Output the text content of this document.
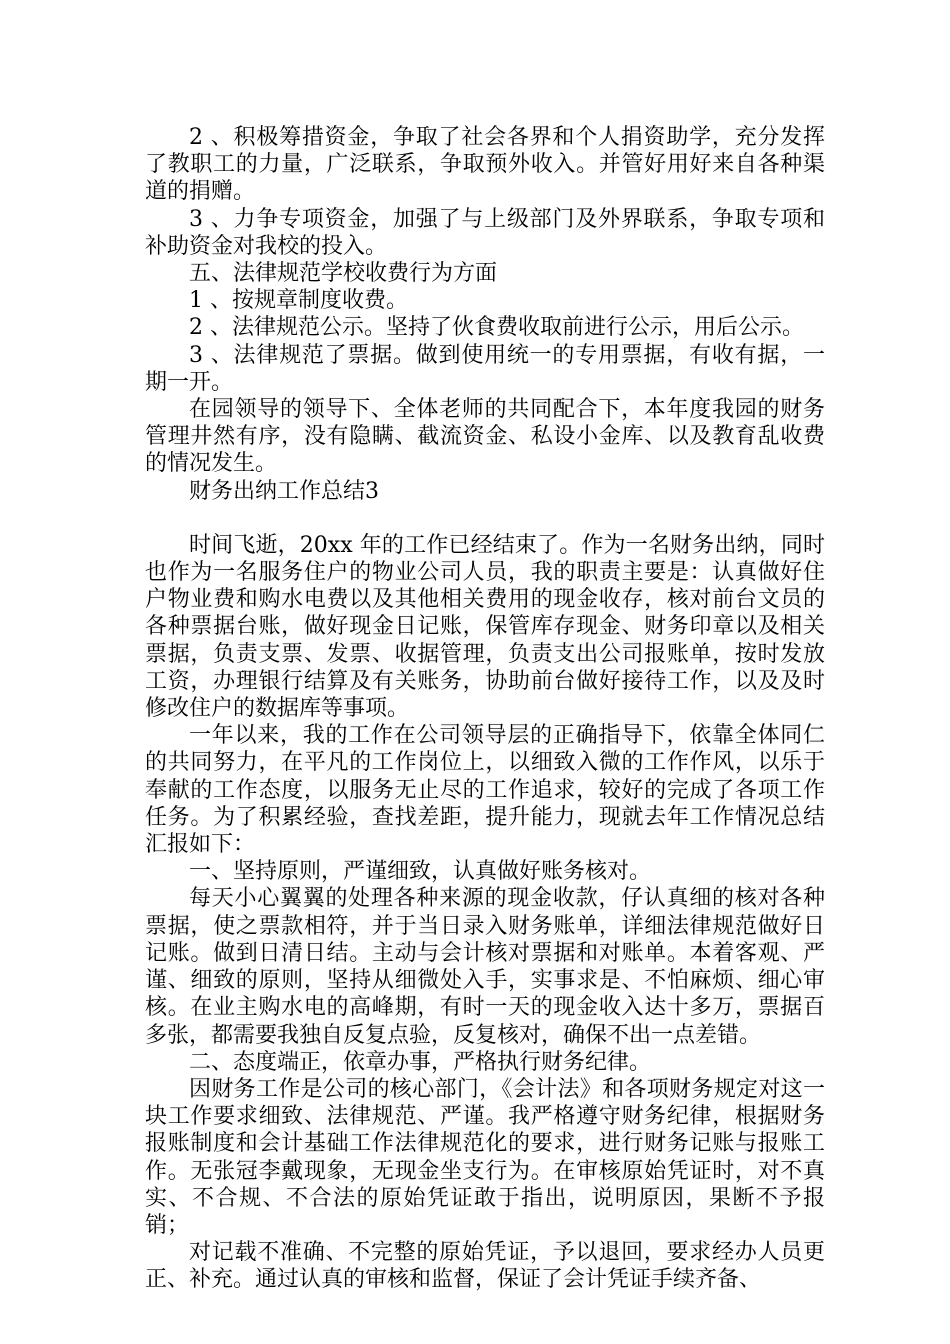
2 、积极筹措资金，争取了社会各界和个人捐资助学，充分发挥了教职工的力量，广泛联系，争取预外收入。并管好用好来自各种渠道的捐赠。

3 、力争专项资金，加强了与上级部门及外界联系，争取专项和补助资金对我校的投入。

五、法律规范学校收费行为方面

1 、按规章制度收费。

2 、法律规范公示。坚持了伙食费收取前进行公示，用后公示。

3 、法律规范了票据。做到使用统一的专用票据，有收有据，一期一开。

在园领导的领导下、全体老师的共同配合下，本年度我园的财务管理井然有序，没有隐瞒、截流资金、私设小金库、以及教育乱收费的情况发生。

财务出纳工作总结3

时间飞逝，20xx 年的工作已经结束了。作为一名财务出纳，同时也作为一名服务住户的物业公司人员，我的职责主要是：认真做好住户物业费和购水电费以及其他相关费用的现金收存，核对前台文员的各种票据台账，做好现金日记账，保管库存现金、财务印章以及相关票据，负责支票、发票、收据管理，负责支出公司报账单，按时发放工资，办理银行结算及有关账务，协助前台做好接待工作，以及及时修改住户的数据库等事项。

一年以来，我的工作在公司领导层的正确指导下，依靠全体同仁的共同努力，在平凡的工作岗位上，以细致入微的工作作风，以乐于奉献的工作态度，以服务无止尽的工作追求，较好的完成了各项工作任务。为了积累经验，查找差距，提升能力，现就去年工作情况总结汇报如下：

一、坚持原则，严谨细致，认真做好账务核对。

每天小心翼翼的处理各种来源的现金收款，仔认真细的核对各种票据，使之票款相符，并于当日录入财务账单，详细法律规范做好日记账。做到日清日结。主动与会计核对票据和对账单。本着客观、严谨、细致的原则，坚持从细微处入手，实事求是、不怕麻烦、细心审核。在业主购水电的高峰期，有时一天的现金收入达十多万，票据百多张，都需要我独自反复点验，反复核对，确保不出一点差错。

二、态度端正，依章办事，严格执行财务纪律。

因财务工作是公司的核心部门，《会计法》和各项财务规定对这一块工作要求细致、法律规范、严谨。我严格遵守财务纪律，根据财务报账制度和会计基础工作法律规范化的要求，进行财务记账与报账工作。无张冠李戴现象，无现金坐支行为。在审核原始凭证时，对不真实、不合规、不合法的原始凭证敢于指出，说明原因，果断不予报销；

对记载不准确、不完整的原始凭证，予以退回，要求经办人员更正、补充。通过认真的审核和监督，保证了会计凭证手续齐备、
